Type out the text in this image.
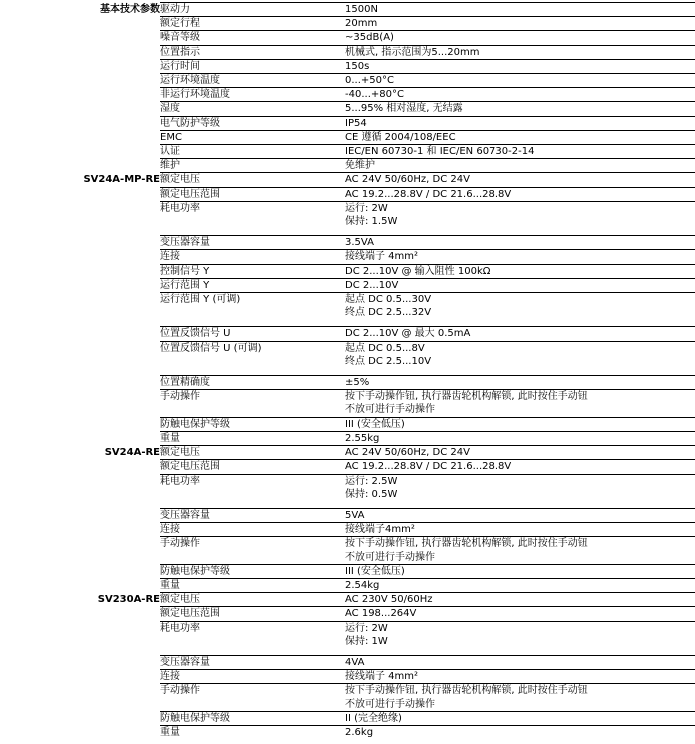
基本技术参数	驱动力	1500N
	额定行程	20mm
	噪音等级	~35dB(A)
	位置指示	机械式, 指示范围为5...20mm
	运行时间	150s
	运行环境温度	0...+50°C
	非运行环境温度	-40...+80°C
	湿度	5...95% 相对湿度, 无结露
	电气防护等级	IP54
	EMC	CE 遵循 2004/108/EEC
	认证	IEC/EN 60730-1 和 IEC/EN 60730-2-14
	维护	免维护
SV24A-MP-RE	额定电压	AC 24V 50/60Hz, DC 24V
	额定电压范围	AC 19.2...28.8V / DC 21.6...28.8V
	耗电功率	运行: 2W
		保持: 1.5W

	变压器容量	3.5VA
	连接	接线端子 4mm²
	控制信号 Y	DC 2...10V @ 输入阻性 100kΩ
	运行范围 Y	DC 2...10V
	运行范围 Y (可调)	起点 DC 0.5...30V
		终点 DC 2.5...32V

	位置反馈信号 U	DC 2...10V @ 最大 0.5mA
	位置反馈信号 U (可调)	起点 DC 0.5...8V
		终点 DC 2.5...10V

	位置精确度	±5%
	手动操作	按下手动操作钮, 执行器齿轮机构解锁, 此时按住手动钮
		不放可进行手动操作
	防触电保护等级	III (安全低压)
	重量	2.55kg
SV24A-RE	额定电压	AC 24V 50/60Hz, DC 24V
	额定电压范围	AC 19.2...28.8V / DC 21.6...28.8V
	耗电功率	运行: 2.5W
		保持: 0.5W

	变压器容量	5VA
	连接	接线端子4mm²
	手动操作	按下手动操作钮, 执行器齿轮机构解锁, 此时按住手动钮
		不放可进行手动操作
	防触电保护等级	III (安全低压)
	重量	2.54kg
SV230A-RE	额定电压	AC 230V 50/60Hz
	额定电压范围	AC 198...264V
	耗电功率	运行: 2W
		保持: 1W

	变压器容量	4VA
	连接	接线端子 4mm²
	手动操作	按下手动操作钮, 执行器齿轮机构解锁, 此时按住手动钮
		不放可进行手动操作
	防触电保护等级	II (完全绝缘)
	重量	2.6kg
